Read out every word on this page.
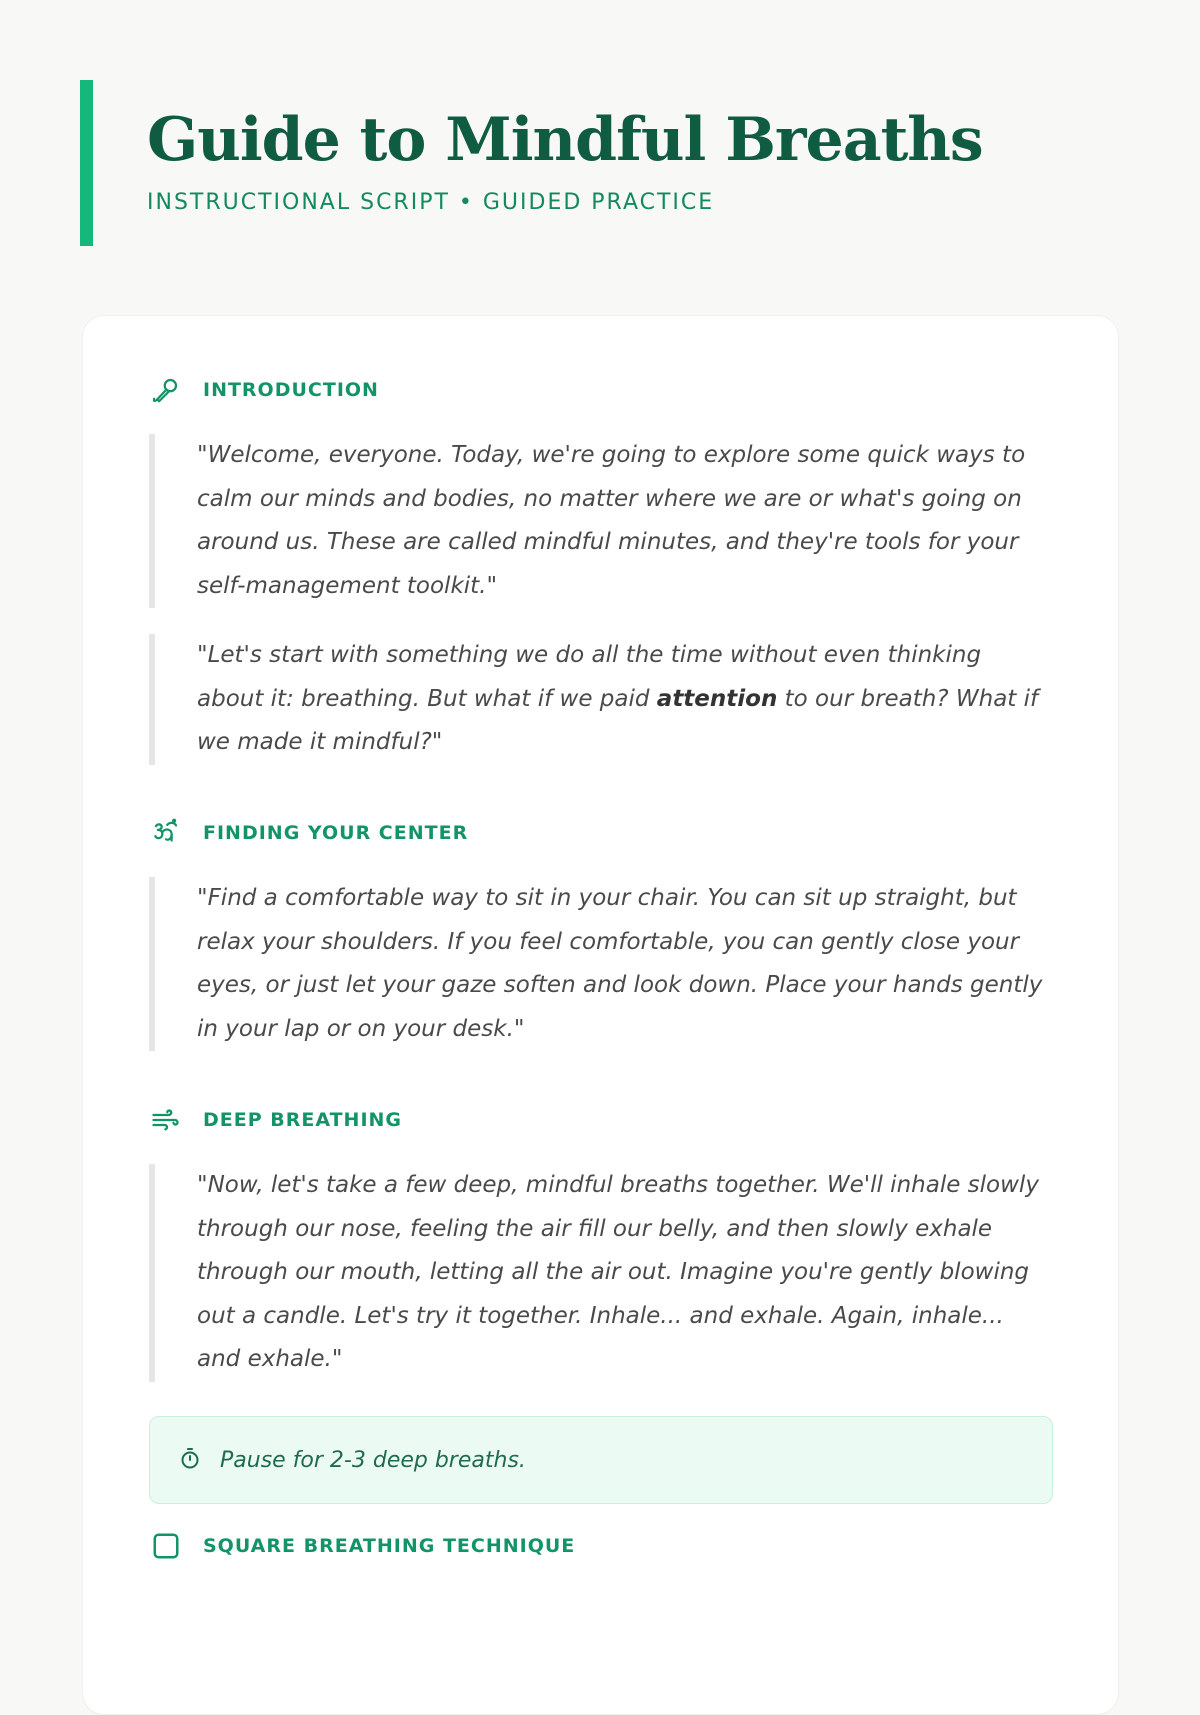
Guide to Mindful Breaths
INSTRUCTIONAL SCRIPT • GUIDED PRACTICE
INTRODUCTION
"Welcome, everyone. Today, we're going to explore some quick ways to calm our minds and bodies, no matter where we are or what's going on around us. These are called mindful minutes, and they're tools for your self-management toolkit."
"Let's start with something we do all the time without even thinking about it: breathing. But what if we paid attention to our breath? What if we made it mindful?"
FINDING YOUR CENTER
"Find a comfortable way to sit in your chair. You can sit up straight, but relax your shoulders. If you feel comfortable, you can gently close your eyes, or just let your gaze soften and look down. Place your hands gently in your lap or on your desk."
DEEP BREATHING
"Now, let's take a few deep, mindful breaths together. We'll inhale slowly through our nose, feeling the air fill our belly, and then slowly exhale through our mouth, letting all the air out. Imagine you're gently blowing out a candle. Let's try it together. Inhale... and exhale. Again, inhale... and exhale."
Pause for 2-3 deep breaths.
SQUARE BREATHING TECHNIQUE
